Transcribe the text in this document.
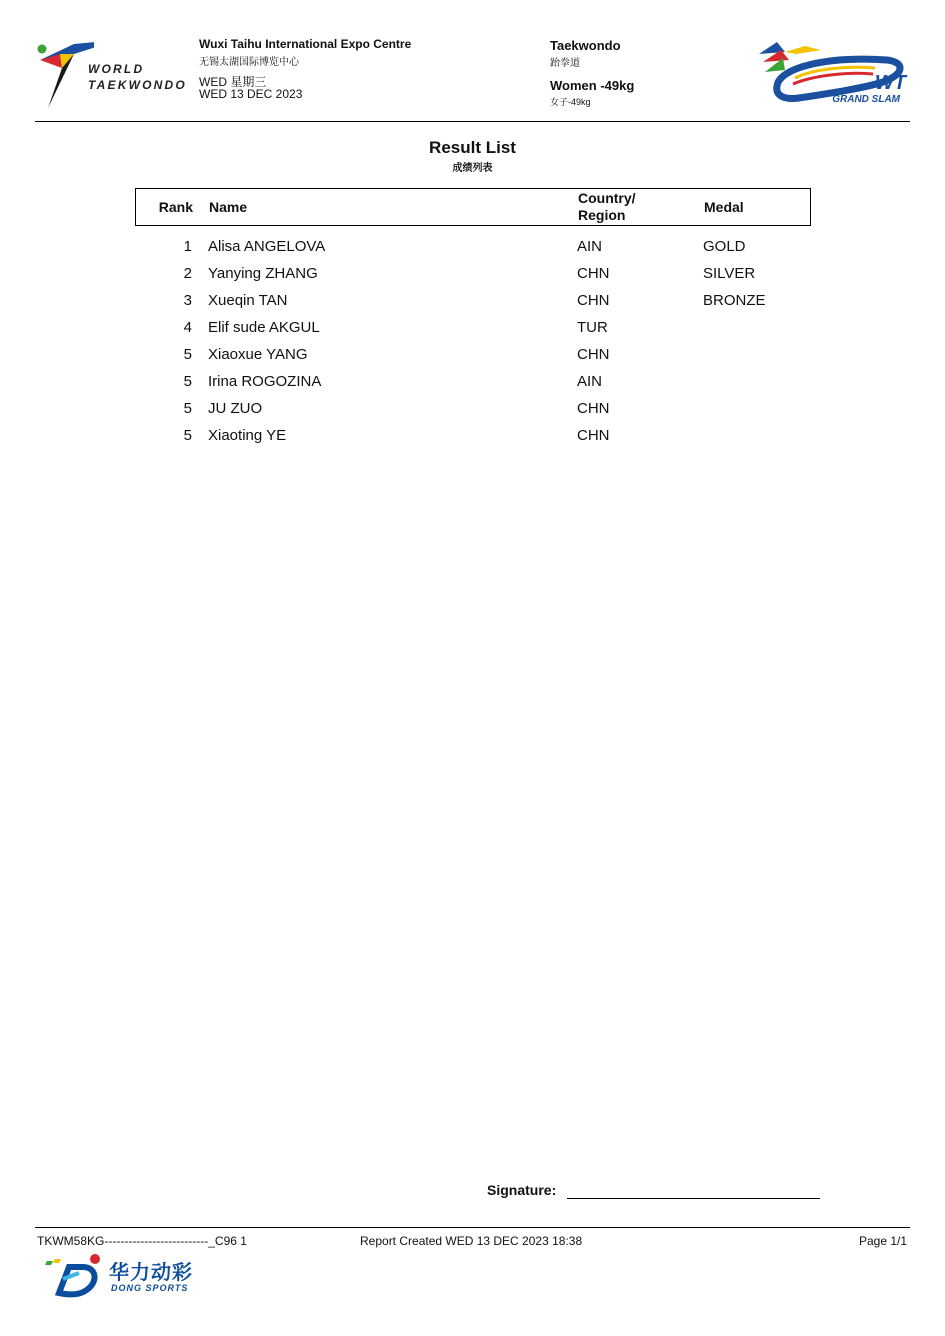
WORLD
TAEKWONDO
Wuxi Taihu International Expo Centre
无锡太湖国际博览中心
WED 星期三
WED 13 DEC 2023
Taekwondo
跆拳道
Women -49kg
女子-49kg
WT
GRAND SLAM
Result List
成绩列表
Rank Name
Country/
Region	Medal
1 Alisa ANGELOVA	AIN	GOLD
2 Yanying ZHANG	CHN	SILVER
3 Xueqin TAN	CHN	BRONZE
4 Elif sude AKGUL	TUR
5 Xiaoxue YANG	CHN
5 Irina ROGOZINA	AIN
5 JU ZUO	CHN
5 Xiaoting YE	CHN
Signature:
TKWM58KG--------------------------_C96 1	Report Created WED 13 DEC 2023 18:38	Page 1/1
华力动彩
DONG SPORTS
